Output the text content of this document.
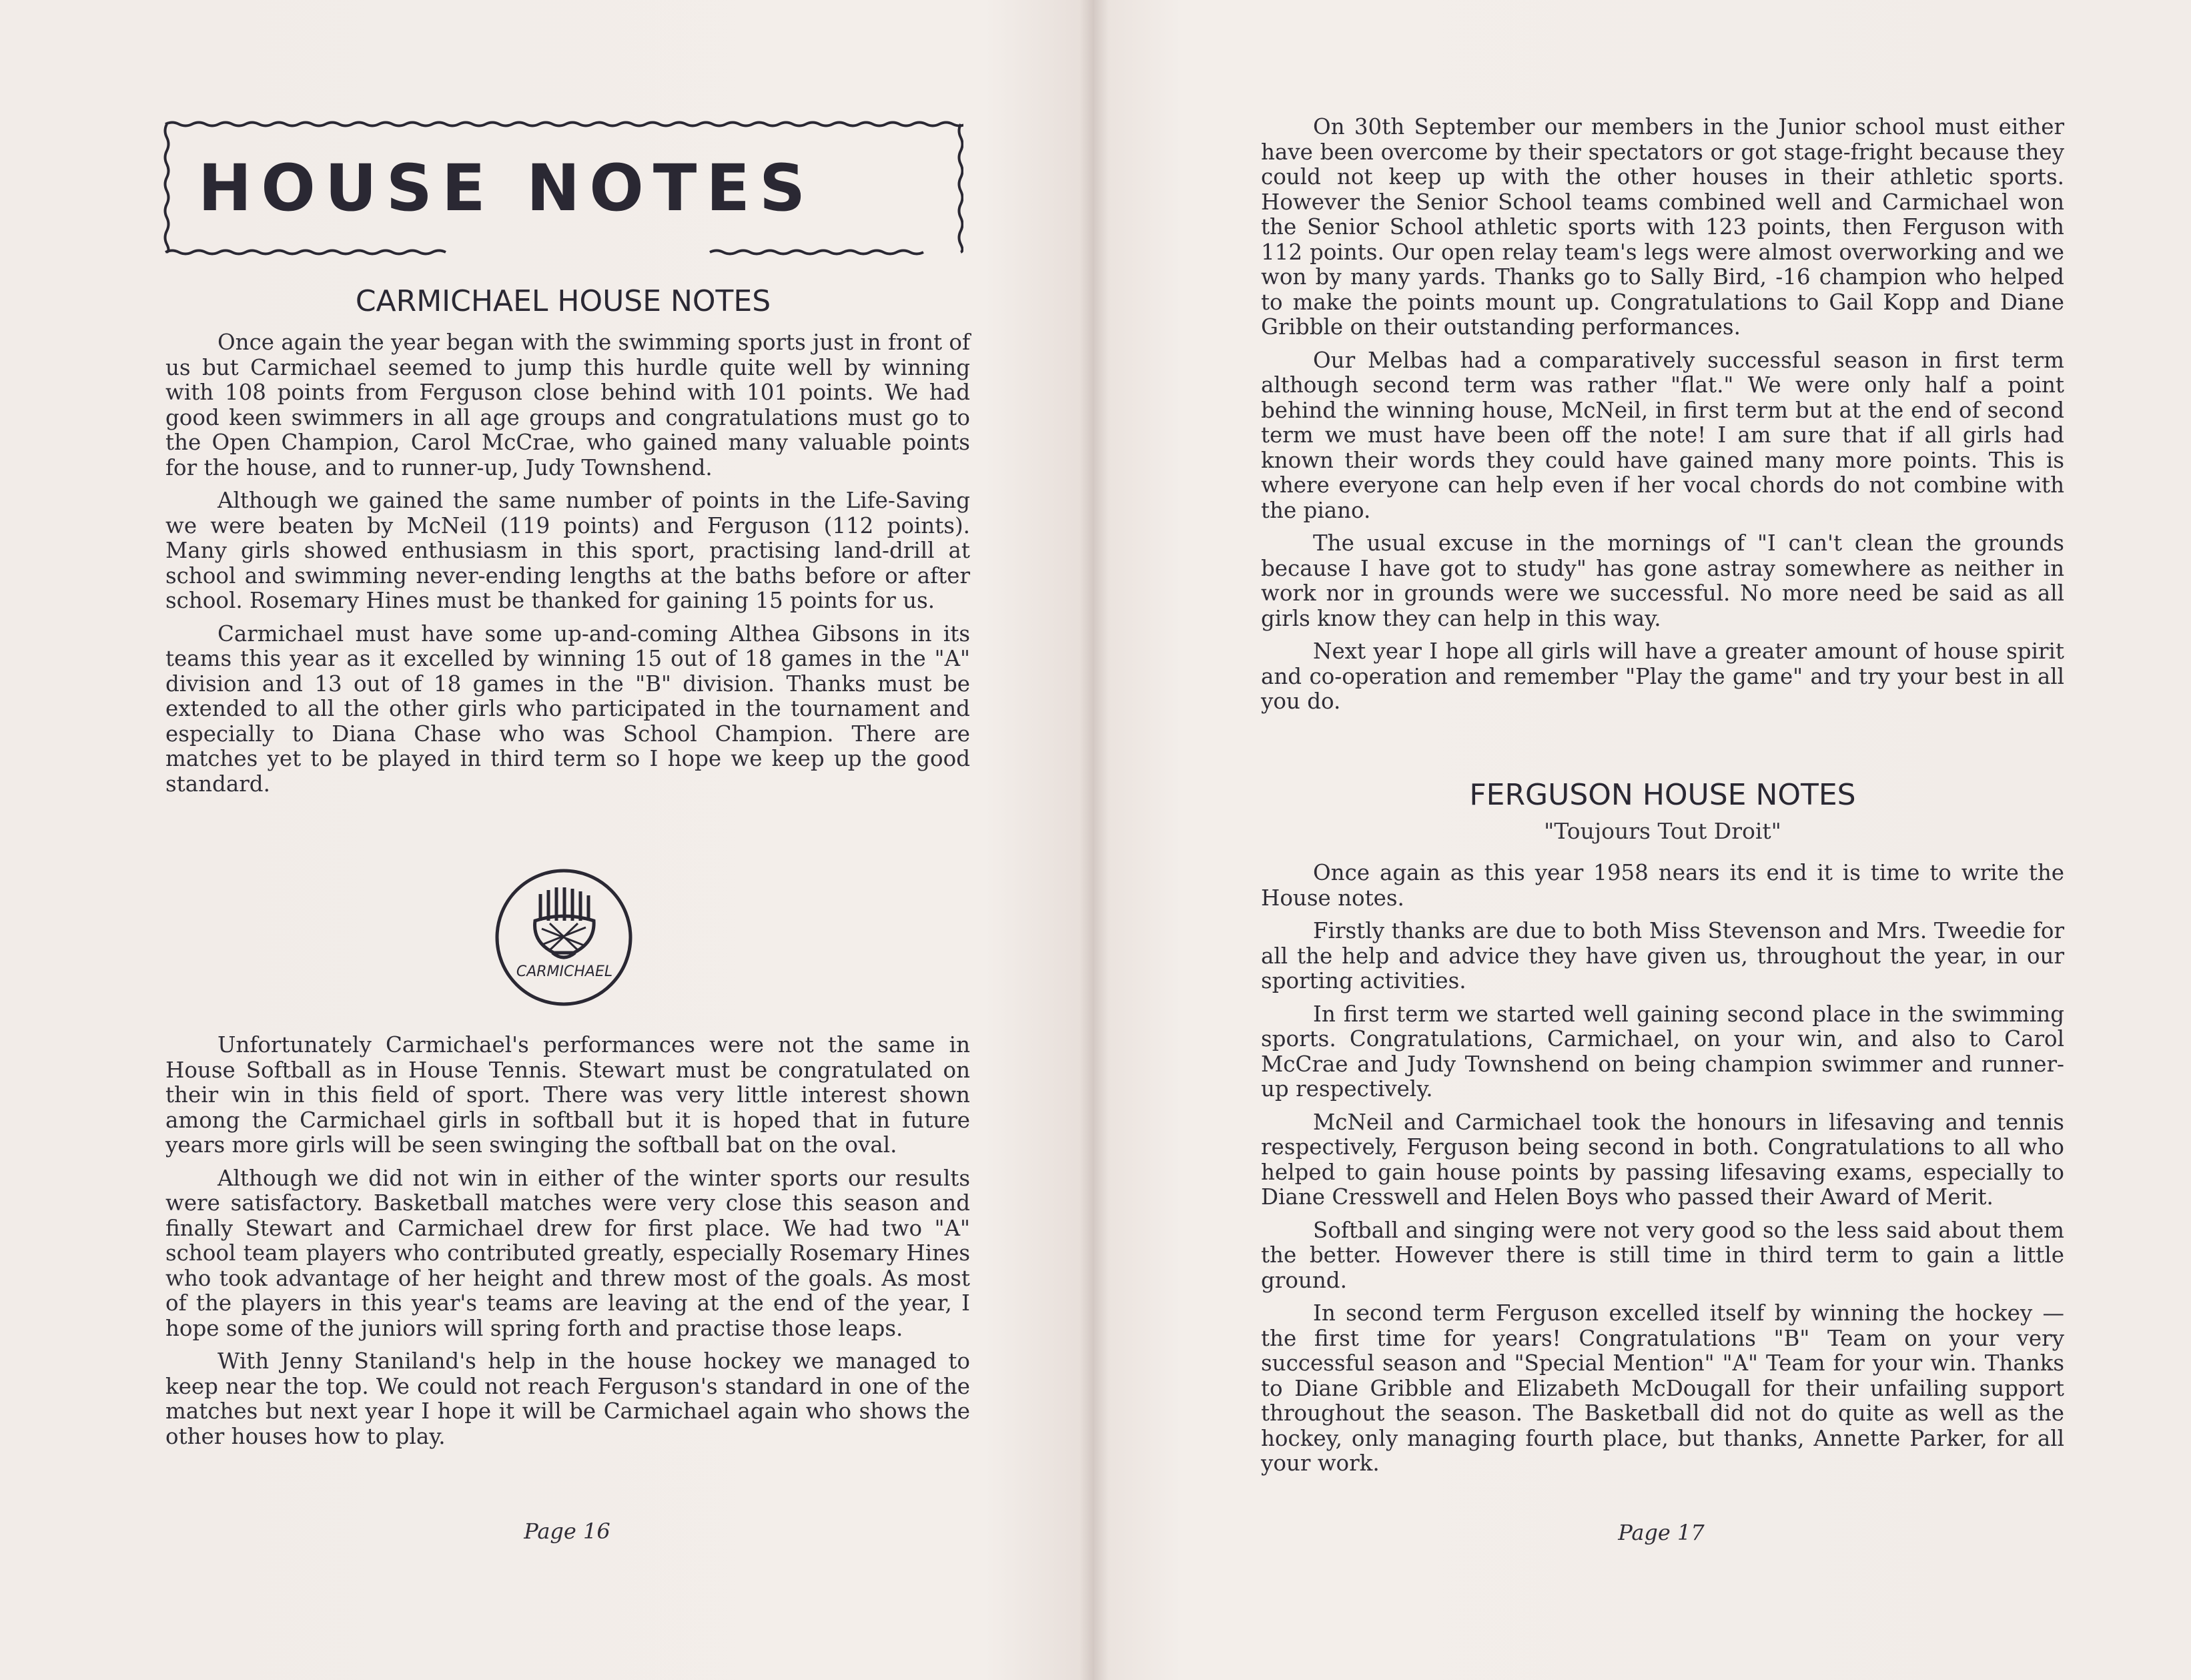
HOUSE NOTES
CARMICHAEL HOUSE NOTES

Once again the year began with the swimming sports just in front of us but Carmichael seemed to jump this hurdle quite well by winning with 108 points from Ferguson close behind with 101 points. We had good keen swimmers in all age groups and congratulations must go to the Open Champion, Carol McCrae, who gained many valuable points for the house, and to runner-up, Judy Townshend.

Although we gained the same number of points in the Life-Saving we were beaten by McNeil (119 points) and Ferguson (112 points). Many girls showed enthusiasm in this sport, practising land-drill at school and swimming never-ending lengths at the baths before or after school. Rosemary Hines must be thanked for gaining 15 points for us.

Carmichael must have some up-and-coming Althea Gibsons in its teams this year as it excelled by winning 15 out of 18 games in the "A" division and 13 out of 18 games in the "B" division. Thanks must be extended to all the other girls who participated in the tournament and especially to Diana Chase who was School Champion. There are matches yet to be played in third term so I hope we keep up the good standard.

CARMICHAEL

Unfortunately Carmichael's performances were not the same in House Softball as in House Tennis. Stewart must be congratulated on their win in this field of sport. There was very little interest shown among the Carmichael girls in softball but it is hoped that in future years more girls will be seen swinging the softball bat on the oval.

Although we did not win in either of the winter sports our results were satisfactory. Basketball matches were very close this season and finally Stewart and Carmichael drew for first place. We had two "A" school team players who contributed greatly, especially Rosemary Hines who took advantage of her height and threw most of the goals. As most of the players in this year's teams are leaving at the end of the year, I hope some of the juniors will spring forth and practise those leaps.

With Jenny Staniland's help in the house hockey we managed to keep near the top. We could not reach Ferguson's standard in one of the matches but next year I hope it will be Carmichael again who shows the other houses how to play.

Page 16

On 30th September our members in the Junior school must either have been overcome by their spectators or got stage-fright because they could not keep up with the other houses in their athletic sports. However the Senior School teams combined well and Carmichael won the Senior School athletic sports with 123 points, then Ferguson with 112 points. Our open relay team's legs were almost overworking and we won by many yards. Thanks go to Sally Bird, -16 champion who helped to make the points mount up. Congratulations to Gail Kopp and Diane Gribble on their outstanding performances.

Our Melbas had a comparatively successful season in first term although second term was rather "flat." We were only half a point behind the winning house, McNeil, in first term but at the end of second term we must have been off the note! I am sure that if all girls had known their words they could have gained many more points. This is where everyone can help even if her vocal chords do not combine with the piano.

The usual excuse in the mornings of "I can't clean the grounds because I have got to study" has gone astray somewhere as neither in work nor in grounds were we successful. No more need be said as all girls know they can help in this way.

Next year I hope all girls will have a greater amount of house spirit and co-operation and remember "Play the game" and try your best in all you do.

FERGUSON HOUSE NOTES
"Toujours Tout Droit"

Once again as this year 1958 nears its end it is time to write the House notes.

Firstly thanks are due to both Miss Stevenson and Mrs. Tweedie for all the help and advice they have given us, throughout the year, in our sporting activities.

In first term we started well gaining second place in the swimming sports. Congratulations, Carmichael, on your win, and also to Carol McCrae and Judy Townshend on being champion swimmer and runner-up respectively.

McNeil and Carmichael took the honours in lifesaving and tennis respectively, Ferguson being second in both. Congratulations to all who helped to gain house points by passing lifesaving exams, especially to Diane Cresswell and Helen Boys who passed their Award of Merit.

Softball and singing were not very good so the less said about them the better. However there is still time in third term to gain a little ground.

In second term Ferguson excelled itself by winning the hockey —the first time for years! Congratulations "B" Team on your very successful season and "Special Mention" "A" Team for your win. Thanks to Diane Gribble and Elizabeth McDougall for their unfailing support throughout the season. The Basketball did not do quite as well as the hockey, only managing fourth place, but thanks, Annette Parker, for all your work.

Page 17
